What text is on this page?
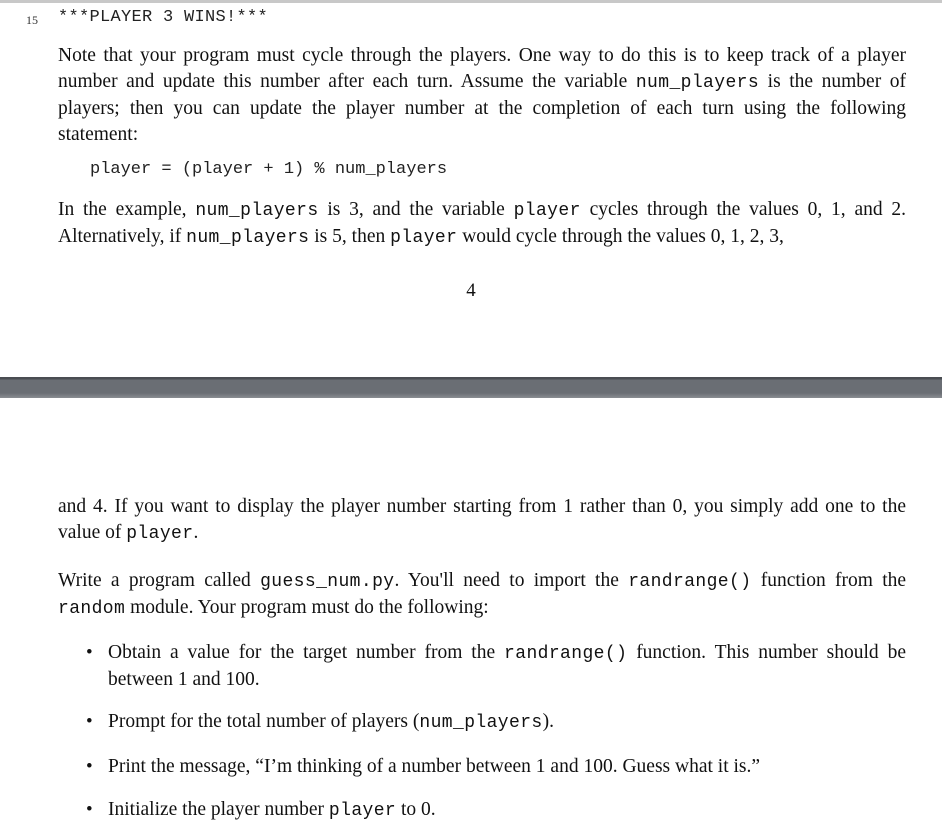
15 ***PLAYER 3 WINS!***

Note that your program must cycle through the players. One way to do this is to keep track of a player number and update this number after each turn. Assume the variable num_players is the number of players; then you can update the player number at the completion of each turn using the following statement:

player = (player + 1) % num_players

In the example, num_players is 3, and the variable player cycles through the values 0, 1, and 2. Alternatively, if num_players is 5, then player would cycle through the values 0, 1, 2, 3,

4

and 4. If you want to display the player number starting from 1 rather than 0, you simply add one to the value of player.

Write a program called guess_num.py. You'll need to import the randrange() function from the random module. Your program must do the following:

• Obtain a value for the target number from the randrange() function. This number should be between 1 and 100.
• Prompt for the total number of players (num_players).
• Print the message, “I’m thinking of a number between 1 and 100. Guess what it is.”
• Initialize the player number player to 0.
